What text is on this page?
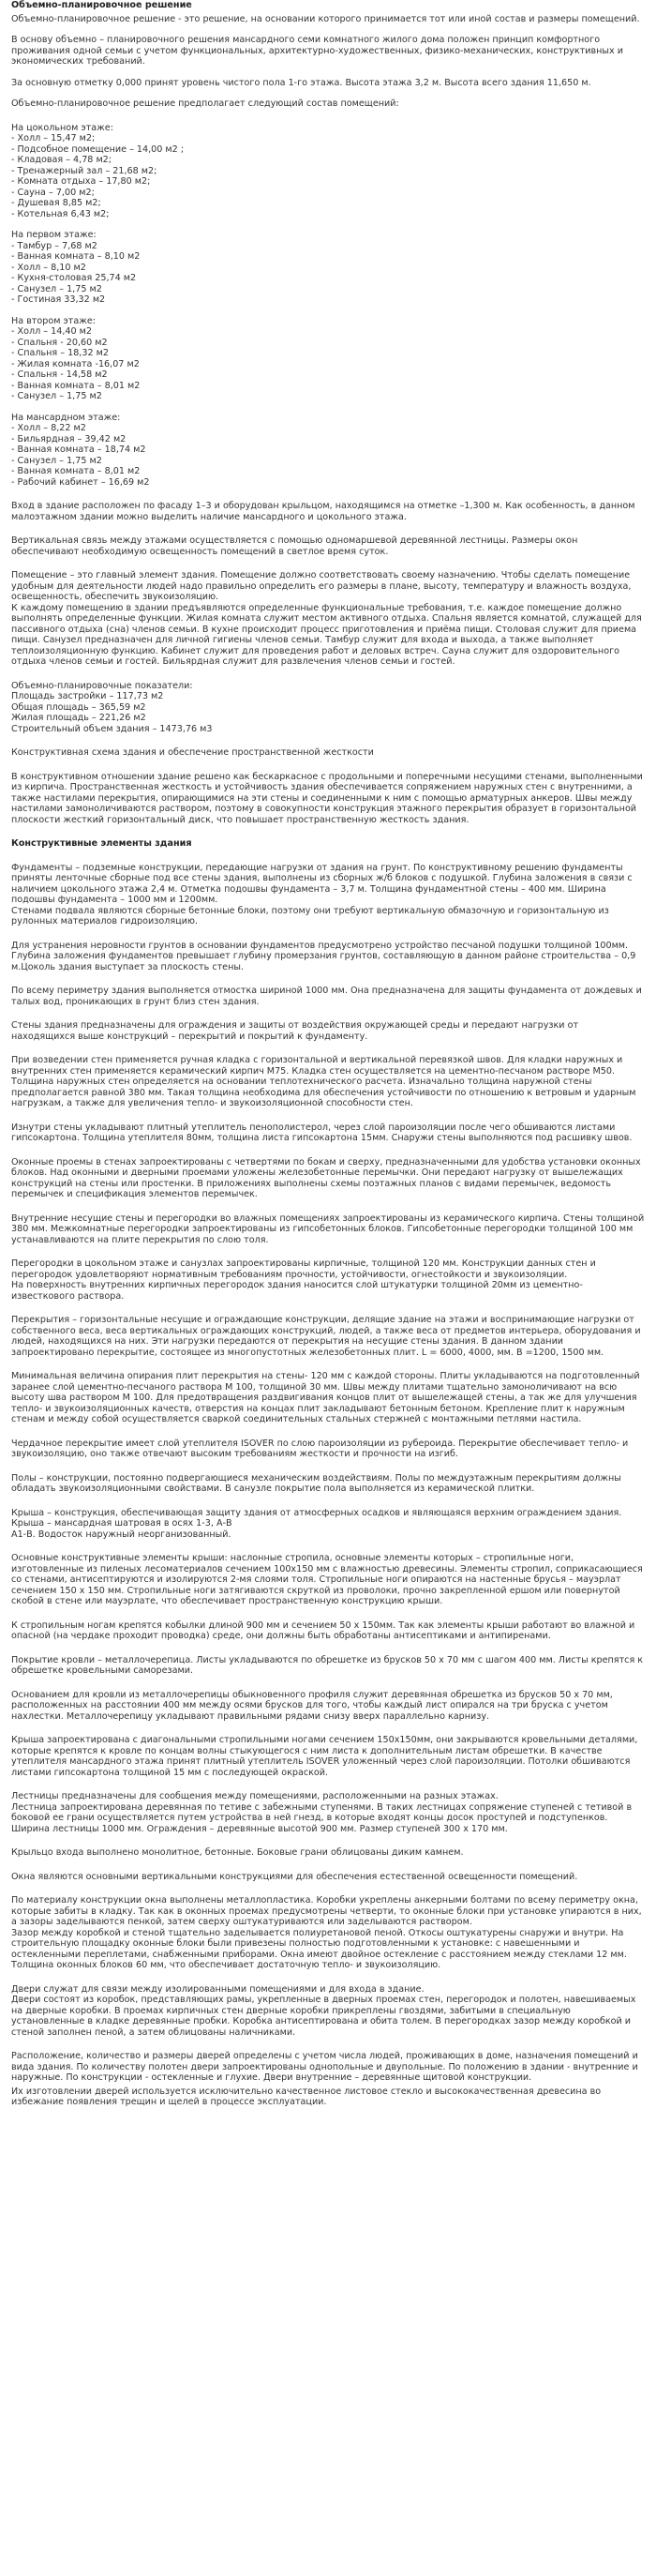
Объемно-планировочное решение

Объемно-планировочное решение - это решение, на основании которого принимается тот или иной состав и размеры помещений.

В основу объемно – планировочного решения мансардного семи комнатного жилого дома положен принцип комфортного проживания одной семьи с учетом функциональных, архитектурно-художественных, физико-механических, конструктивных и экономических требований.

За основную отметку 0,000 принят уровень чистого пола 1-го этажа. Высота этажа 3,2 м. Высота всего здания 11,650 м.

Объемно-планировочное решение предполагает следующий состав помещений:

На цокольном этаже:
- Холл – 15,47 м2;
- Подсобное помещение – 14,00 м2 ;
- Кладовая – 4,78 м2;
- Тренажерный зал – 21,68 м2;
- Комната отдыха – 17,80 м2;
- Сауна – 7,00 м2;
- Душевая 8,85 м2;
- Котельная 6,43 м2;

На первом этаже:
- Тамбур – 7,68 м2
- Ванная комната – 8,10 м2
- Холл – 8,10 м2
- Кухня-столовая 25,74 м2
- Санузел – 1,75 м2
- Гостиная 33,32 м2

На втором этаже:
- Холл – 14,40 м2
- Спальня - 20,60 м2
- Спальня – 18,32 м2
- Жилая комната -16,07 м2
- Спальня - 14,58 м2
- Ванная комната – 8,01 м2
- Санузел – 1,75 м2

На мансардном этаже:
- Холл – 8,22 м2
- Бильярдная – 39,42 м2
- Ванная комната – 18,74 м2
- Санузел – 1,75 м2
- Ванная комната – 8,01 м2
- Рабочий кабинет – 16,69 м2

Вход в здание расположен по фасаду 1–3 и оборудован крыльцом, находящимся на отметке –1,300 м. Как особенность, в данном малоэтажном здании можно выделить наличие мансардного и цокольного этажа.

Вертикальная связь между этажами осуществляется с помощью одномаршевой деревянной лестницы. Размеры окон обеспечивают необходимую освещенность помещений в светлое время суток.

Помещение – это главный элемент здания. Помещение должно соответствовать своему назначению. Чтобы сделать помещение удобным для деятельности людей надо правильно определить его размеры в плане, высоту, температуру и влажность воздуха, освещенность, обеспечить звукоизоляцию.
К каждому помещению в здании предъявляются определенные функциональные требования, т.е. каждое помещение должно выполнять определенные функции. Жилая комната служит местом активного отдыха. Спальня является комнатой, служащей для пассивного отдыха (сна) членов семьи. В кухне происходит процесс приготовления и приёма пищи. Столовая служит для приема пищи. Санузел предназначен для личной гигиены членов семьи. Тамбур служит для входа и выхода, а также выполняет теплоизоляционную функцию. Кабинет служит для проведения работ и деловых встреч. Сауна служит для оздоровительного отдыха членов семьи и гостей. Бильярдная служит для развлечения членов семьи и гостей.

Объемно-планировочные показатели:
Площадь застройки – 117,73 м2
Общая площадь – 365,59 м2
Жилая площадь – 221,26 м2
Строительный объем здания – 1473,76 м3

Конструктивная схема здания и обеспечение пространственной жесткости

В конструктивном отношении здание решено как бескаркасное с продольными и поперечными несущими стенами, выполненными из кирпича. Пространственная жесткость и устойчивость здания обеспечивается сопряжением наружных стен с внутренними, а также настилами перекрытия, опирающимися на эти стены и соединенными к ним с помощью арматурных анкеров. Швы между настилами замоноличиваются раствором, поэтому в совокупности конструкция этажного перекрытия образует в горизонтальной плоскости жесткий горизонтальный диск, что повышает пространственную жесткость здания.

Конструктивные элементы здания

Фундаменты – подземные конструкции, передающие нагрузки от здания на грунт. По конструктивному решению фундаменты приняты ленточные сборные под все стены здания, выполнены из сборных ж/б блоков с подушкой. Глубина заложения в связи с наличием цокольного этажа 2,4 м. Отметка подошвы фундамента – 3,7 м. Толщина фундаментной стены – 400 мм. Ширина подошвы фундамента – 1000 мм и 1200мм.
Стенами подвала являются сборные бетонные блоки, поэтому они требуют вертикальную обмазочную и горизонтальную из рулонных материалов гидроизоляцию.

Для устранения неровности грунтов в основании фундаментов предусмотрено устройство песчаной подушки толщиной 100мм. Глубина заложения фундаментов превышает глубину промерзания грунтов, составляющую в данном районе строительства – 0,9 м.Цоколь здания выступает за плоскость стены.

По всему периметру здания выполняется отмостка шириной 1000 мм. Она предназначена для защиты фундамента от дождевых и талых вод, проникающих в грунт близ стен здания.

Стены здания предназначены для ограждения и защиты от воздействия окружающей среды и передают нагрузки от находящихся выше конструкций – перекрытий и покрытий к фундаменту.

При возведении стен применяется ручная кладка с горизонтальной и вертикальной перевязкой швов. Для кладки наружных и внутренних стен применяется керамический кирпич М75. Кладка стен осуществляется на цементно-песчаном растворе М50. Толщина наружных стен определяется на основании теплотехнического расчета. Изначально толщина наружной стены предполагается равной 380 мм. Такая толщина необходима для обеспечения устойчивости по отношению к ветровым и ударным нагрузкам, а также для увеличения тепло- и звукоизоляционной способности стен.

Изнутри стены укладывают плитный утеплитель пенополистерол, через слой пароизоляции после чего обшиваются листами гипсокартона. Толщина утеплителя 80мм, толщина листа гипсокартона 15мм. Снаружи стены выполняются под расшивку швов.

Оконные проемы в стенах запроектированы с четвертями по бокам и сверху, предназначенными для удобства установки оконных блоков. Над оконными и дверными проемами уложены железобетонные перемычки. Они передают нагрузку от вышележащих конструкций на стены или простенки. В приложениях выполнены схемы поэтажных планов с видами перемычек, ведомость перемычек и спецификация элементов перемычек.

Внутренние несущие стены и перегородки во влажных помещениях запроектированы из керамического кирпича. Стены толщиной 380 мм. Межкомнатные перегородки запроектированы из гипсобетонных блоков. Гипсобетонные перегородки толщиной 100 мм устанавливаются на плите перекрытия по слою толя.

Перегородки в цокольном этаже и санузлах запроектированы кирпичные, толщиной 120 мм. Конструкции данных стен и перегородок удовлетворяют нормативным требованиям прочности, устойчивости, огнестойкости и звукоизоляции.
На поверхность внутренних кирпичных перегородок здания наносится слой штукатурки толщиной 20мм из цементно-известкового раствора.

Перекрытия – горизонтальные несущие и ограждающие конструкции, делящие здание на этажи и воспринимающие нагрузки от собственного веса, веса вертикальных ограждающих конструкций, людей, а также веса от предметов интерьера, оборудования и людей, находящихся на них. Эти нагрузки передаются от перекрытия на несущие стены здания. В данном здании запроектировано перекрытие, состоящее из многопустотных железобетонных плит. L = 6000, 4000, мм. В =1200, 1500 мм.

Минимальная величина опирания плит перекрытия на стены- 120 мм с каждой стороны. Плиты укладываются на подготовленный заранее слой цементно-песчаного раствора М 100, толщиной 30 мм. Швы между плитами тщательно замоноличивают на всю высоту шва раствором М 100. Для предотвращения раздвигивания концов плит от вышележащей стены, а так же для улучшения тепло- и звукоизоляционных качеств, отверстия на концах плит закладывают бетонным бетоном. Крепление плит к наружным стенам и между собой осуществляется сваркой соединительных стальных стержней с монтажными петлями настила.

Чердачное перекрытие имеет слой утеплителя ISOVER по слою пароизоляции из рубероида. Перекрытие обеспечивает тепло- и звукоизоляцию, оно также отвечают высоким требованиям жесткости и прочности на изгиб.

Полы – конструкции, постоянно подвергающиеся механическим воздействиям. Полы по междуэтажным перекрытиям должны обладать звукоизоляционными свойствами. В санузле покрытие пола выполняется из керамической плитки.

Крыша – конструкция, обеспечивающая защиту здания от атмосферных осадков и являющаяся верхним ограждением здания. Крыша – мансардная шатровая в осях 1-3, А-В
А1-В. Водосток наружный неорганизованный.

Основные конструктивные элементы крыши: наслонные стропила, основные элементы которых – стропильные ноги, изготовленные из пиленых лесоматериалов сечением 100х150 мм с влажностью древесины. Элементы стропил, соприкасающиеся со стенами, антисептируются и изолируются 2-мя слоями толя. Стропильные ноги опираются на настенные брусья – мауэрлат сечением 150 х 150 мм. Стропильные ноги затягиваются скруткой из проволоки, прочно закрепленной ершом или повернутой скобой в стене или мауэрлате, что обеспечивает пространственную конструкцию крыши.

К стропильным ногам крепятся кобылки длиной 900 мм и сечением 50 х 150мм. Так как элементы крыши работают во влажной и опасной (на чердаке проходит проводка) среде, они должны быть обработаны антисептиками и антипиренами.

Покрытие кровли – металлочерепица. Листы укладываются по обрешетке из брусков 50 х 70 мм с шагом 400 мм. Листы крепятся к обрешетке кровельными саморезами.

Основанием для кровли из металлочерепицы обыкновенного профиля служит деревянная обрешетка из брусков 50 х 70 мм, расположенных на расстоянии 400 мм между осями брусков для того, чтобы каждый лист опирался на три бруска с учетом нахлестки. Металлочерепицу укладывают правильными рядами снизу вверх параллельно карнизу.

Крыша запроектирована с диагональными стропильными ногами сечением 150х150мм, они закрываются кровельными деталями, которые крепятся к кровле по концам волны стыкующегося с ним листа к дополнительным листам обрешетки. В качестве утеплителя мансардного этажа принят плитный утеплитель ISOVER уложенный через слой пароизоляции. Потолки обшиваются листами гипсокартона толщиной 15 мм с последующей окраской.

Лестницы предназначены для сообщения между помещениями, расположенными на разных этажах.
Лестница запроектирована деревянная по тетиве с забежными ступенями. В таких лестницах сопряжение ступеней с тетивой в боковой ее грани осуществляется путем устройства в ней гнезд, в которые входят концы досок проступей и подступенков. Ширина лестницы 1000 мм. Ограждения – деревянные высотой 900 мм. Размер ступеней 300 х 170 мм.

Крыльцо входа выполнено монолитное, бетонные. Боковые грани облицованы диким камнем.

Окна являются основными вертикальными конструкциями для обеспечения естественной освещенности помещений.

По материалу конструкции окна выполнены металлопластика. Коробки укреплены анкерными болтами по всему периметру окна, которые забиты в кладку. Так как в оконных проемах предусмотрены четверти, то оконные блоки при установке упираются в них, а зазоры заделываются пенкой, затем сверху оштукатуриваются или заделываются раствором.
Зазор между коробкой и стеной тщательно заделывается полиуретановой пеной. Откосы оштукатурены снаружи и внутри. На строительную площадку оконные блоки были привезены полностью подготовленными к установке: с навешенными и остекленными переплетами, снабженными приборами. Окна имеют двойное остекление с расстоянием между стеклами 12 мм. Толщина оконных блоков 60 мм, что обеспечивает достаточную тепло- и звукоизоляцию.

Двери служат для связи между изолированными помещениями и для входа в здание.
Двери состоят из коробок, представляющих рамы, укрепленные в дверных проемах стен, перегородок и полотен, навешиваемых на дверные коробки. В проемах кирпичных стен дверные коробки прикреплены гвоздями, забитыми в специальную установленные в кладке деревянные пробки. Коробка антисептирована и обита толем. В перегородках зазор между коробкой и стеной заполнен пеной, а затем облицованы наличниками.

Расположение, количество и размеры дверей определены с учетом числа людей, проживающих в доме, назначения помещений и вида здания. По количеству полотен двери запроектированы однопольные и двупольные. По положению в здании - внутренние и наружные. По конструкции - остекленные и глухие. Двери внутренние – деревянные щитовой конструкции.

Их изготовлении дверей используется исключительно качественное листовое стекло и высококачественная древесина во избежание появления трещин и щелей в процессе эксплуатации.
